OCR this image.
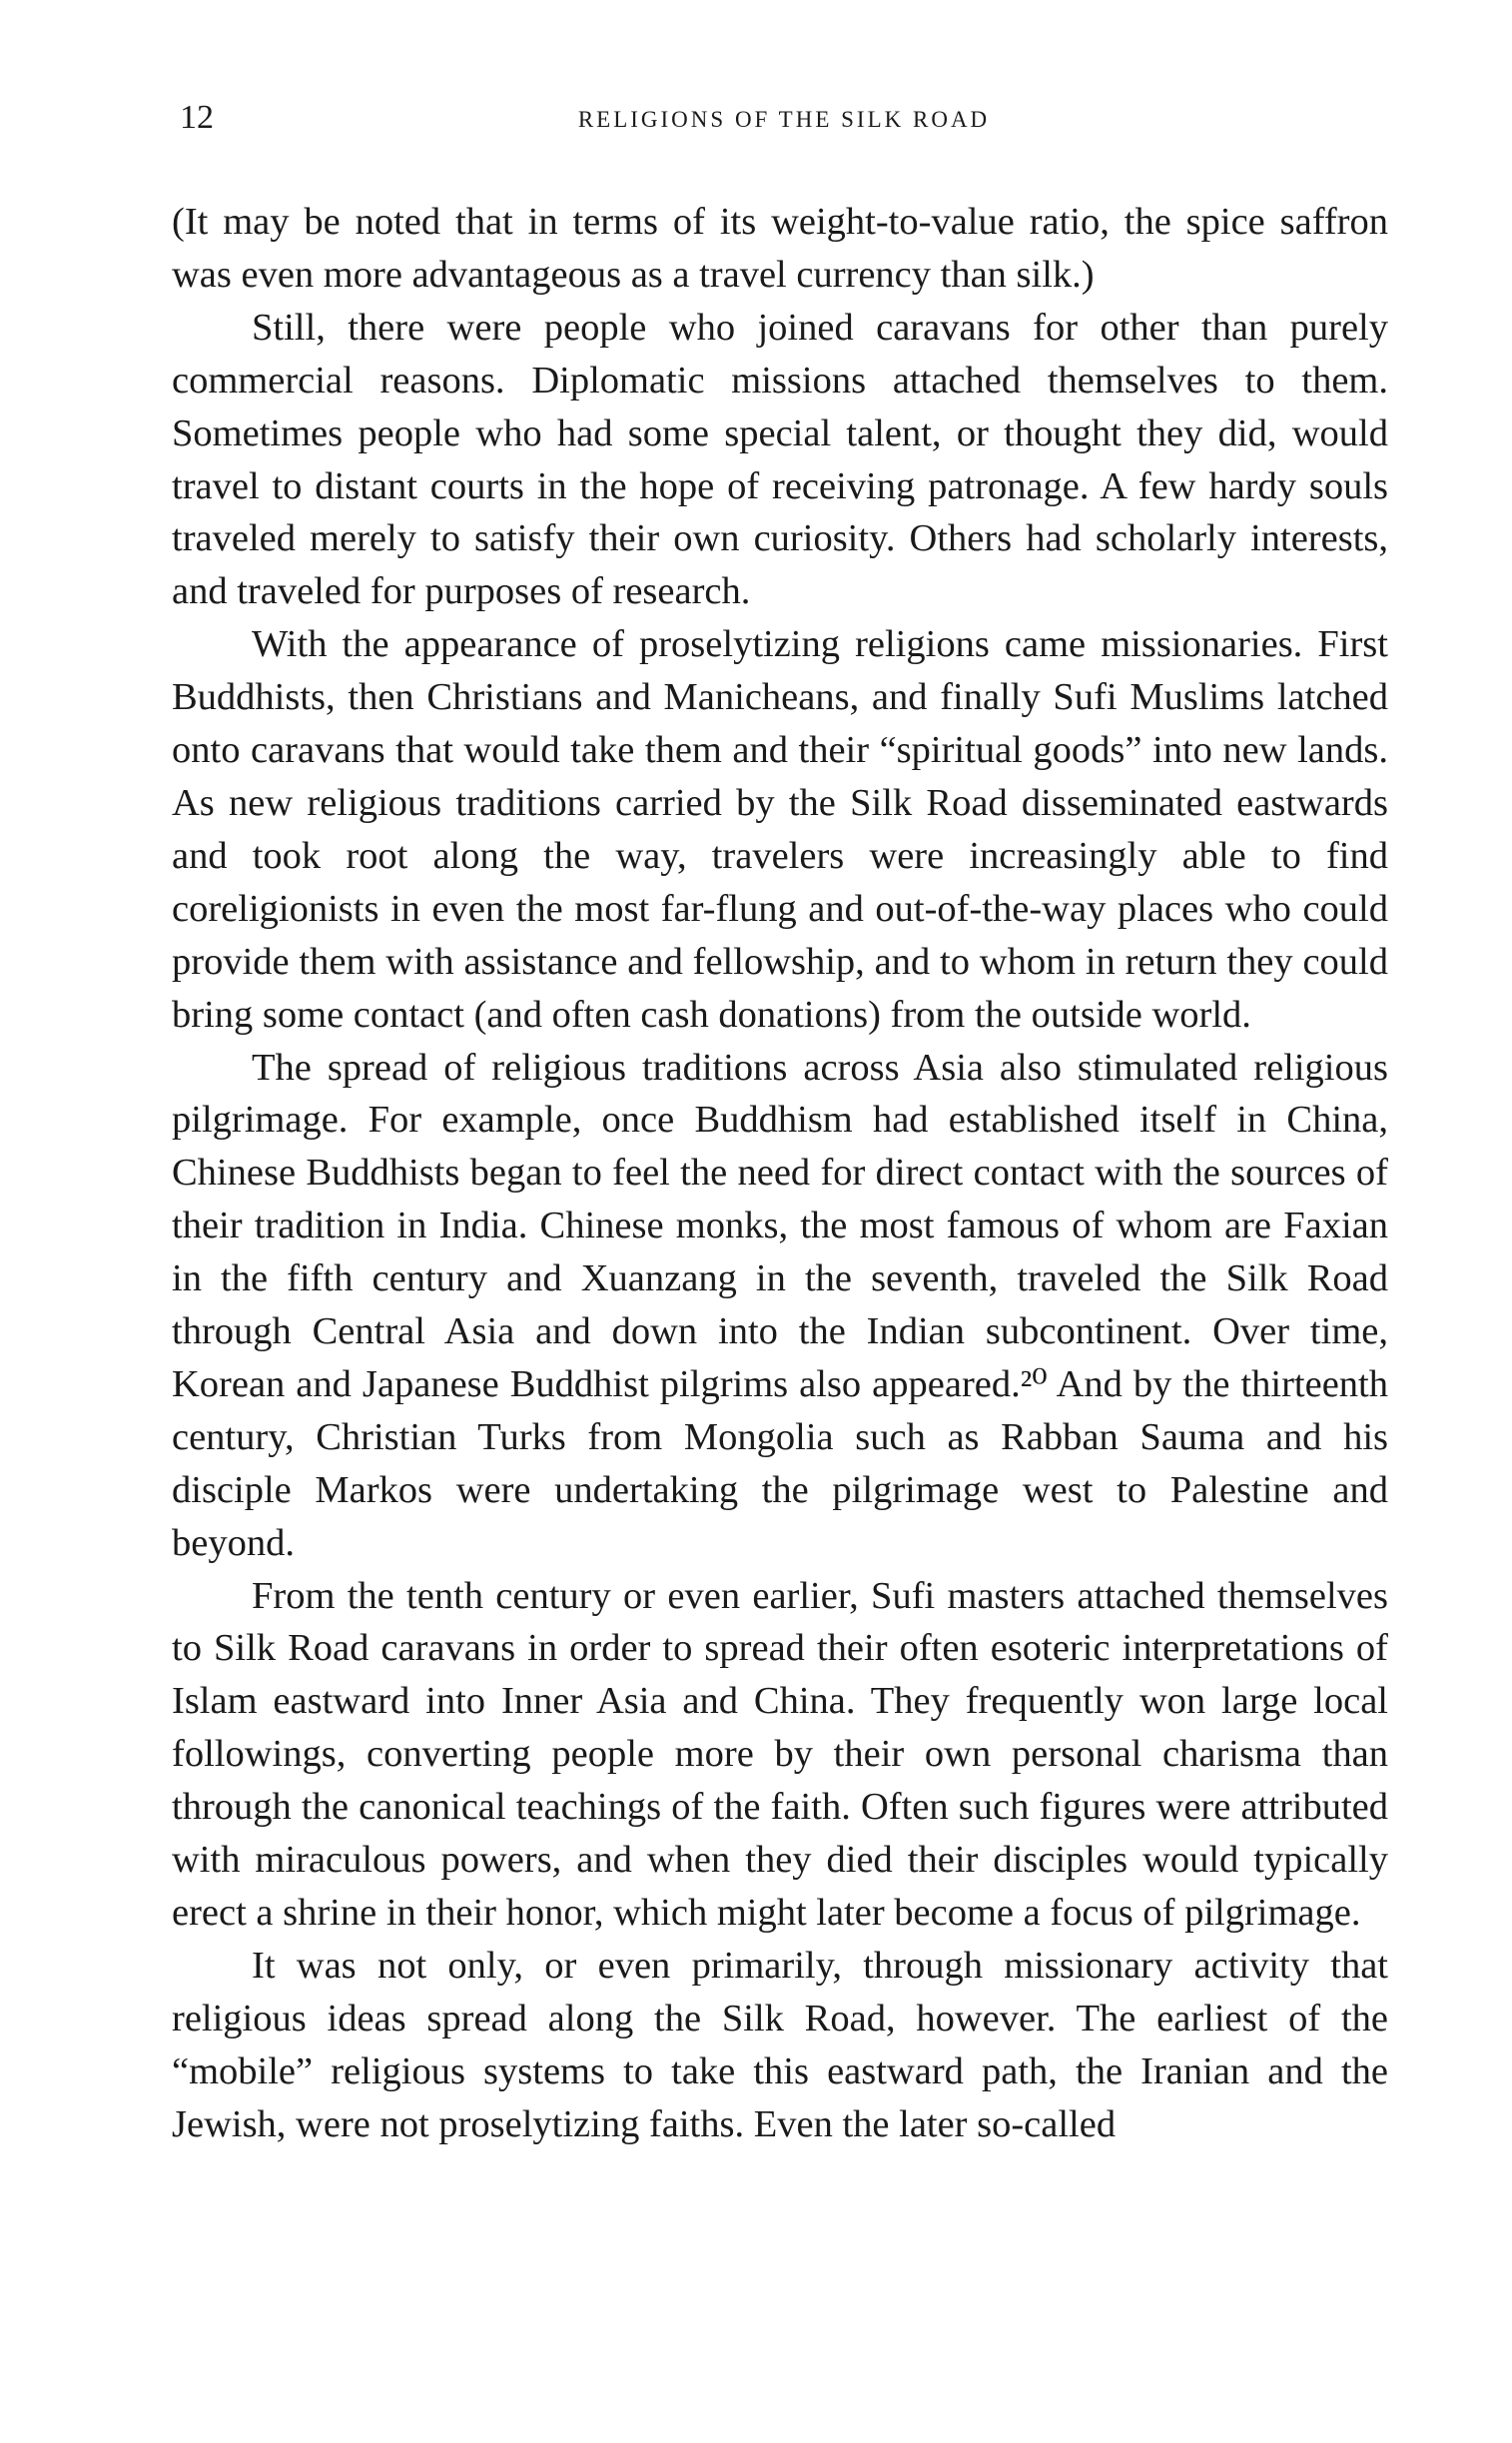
12	RELIGIONS OF THE SILK ROAD

(It may be noted that in terms of its weight-to-value ratio, the spice saffron was even more advantageous as a travel currency than silk.)

Still, there were people who joined caravans for other than purely commercial reasons. Diplomatic missions attached themselves to them. Sometimes people who had some special talent, or thought they did, would travel to distant courts in the hope of receiving patronage. A few hardy souls traveled merely to satisfy their own curiosity. Others had scholarly interests, and traveled for purposes of research.

With the appearance of proselytizing religions came missionaries. First Buddhists, then Christians and Manicheans, and finally Sufi Muslims latched onto caravans that would take them and their “spiritual goods” into new lands. As new religious traditions carried by the Silk Road disseminated eastwards and took root along the way, travelers were increasingly able to find coreligionists in even the most far-flung and out-of-the-way places who could provide them with assistance and fellowship, and to whom in return they could bring some contact (and often cash donations) from the outside world.

The spread of religious traditions across Asia also stimulated religious pilgrimage. For example, once Buddhism had established itself in China, Chinese Buddhists began to feel the need for direct contact with the sources of their tradition in India. Chinese monks, the most famous of whom are Faxian in the fifth century and Xuanzang in the seventh, traveled the Silk Road through Central Asia and down into the Indian subcontinent. Over time, Korean and Japanese Buddhist pilgrims also appeared.²⁰ And by the thirteenth century, Christian Turks from Mongolia such as Rabban Sauma and his disciple Markos were undertaking the pilgrimage west to Palestine and beyond.

From the tenth century or even earlier, Sufi masters attached themselves to Silk Road caravans in order to spread their often esoteric interpretations of Islam eastward into Inner Asia and China. They frequently won large local followings, converting people more by their own personal charisma than through the canonical teachings of the faith. Often such figures were attributed with miraculous powers, and when they died their disciples would typically erect a shrine in their honor, which might later become a focus of pilgrimage.

It was not only, or even primarily, through missionary activity that religious ideas spread along the Silk Road, however. The earliest of the “mobile” religious systems to take this eastward path, the Iranian and the Jewish, were not proselytizing faiths. Even the later so-called
